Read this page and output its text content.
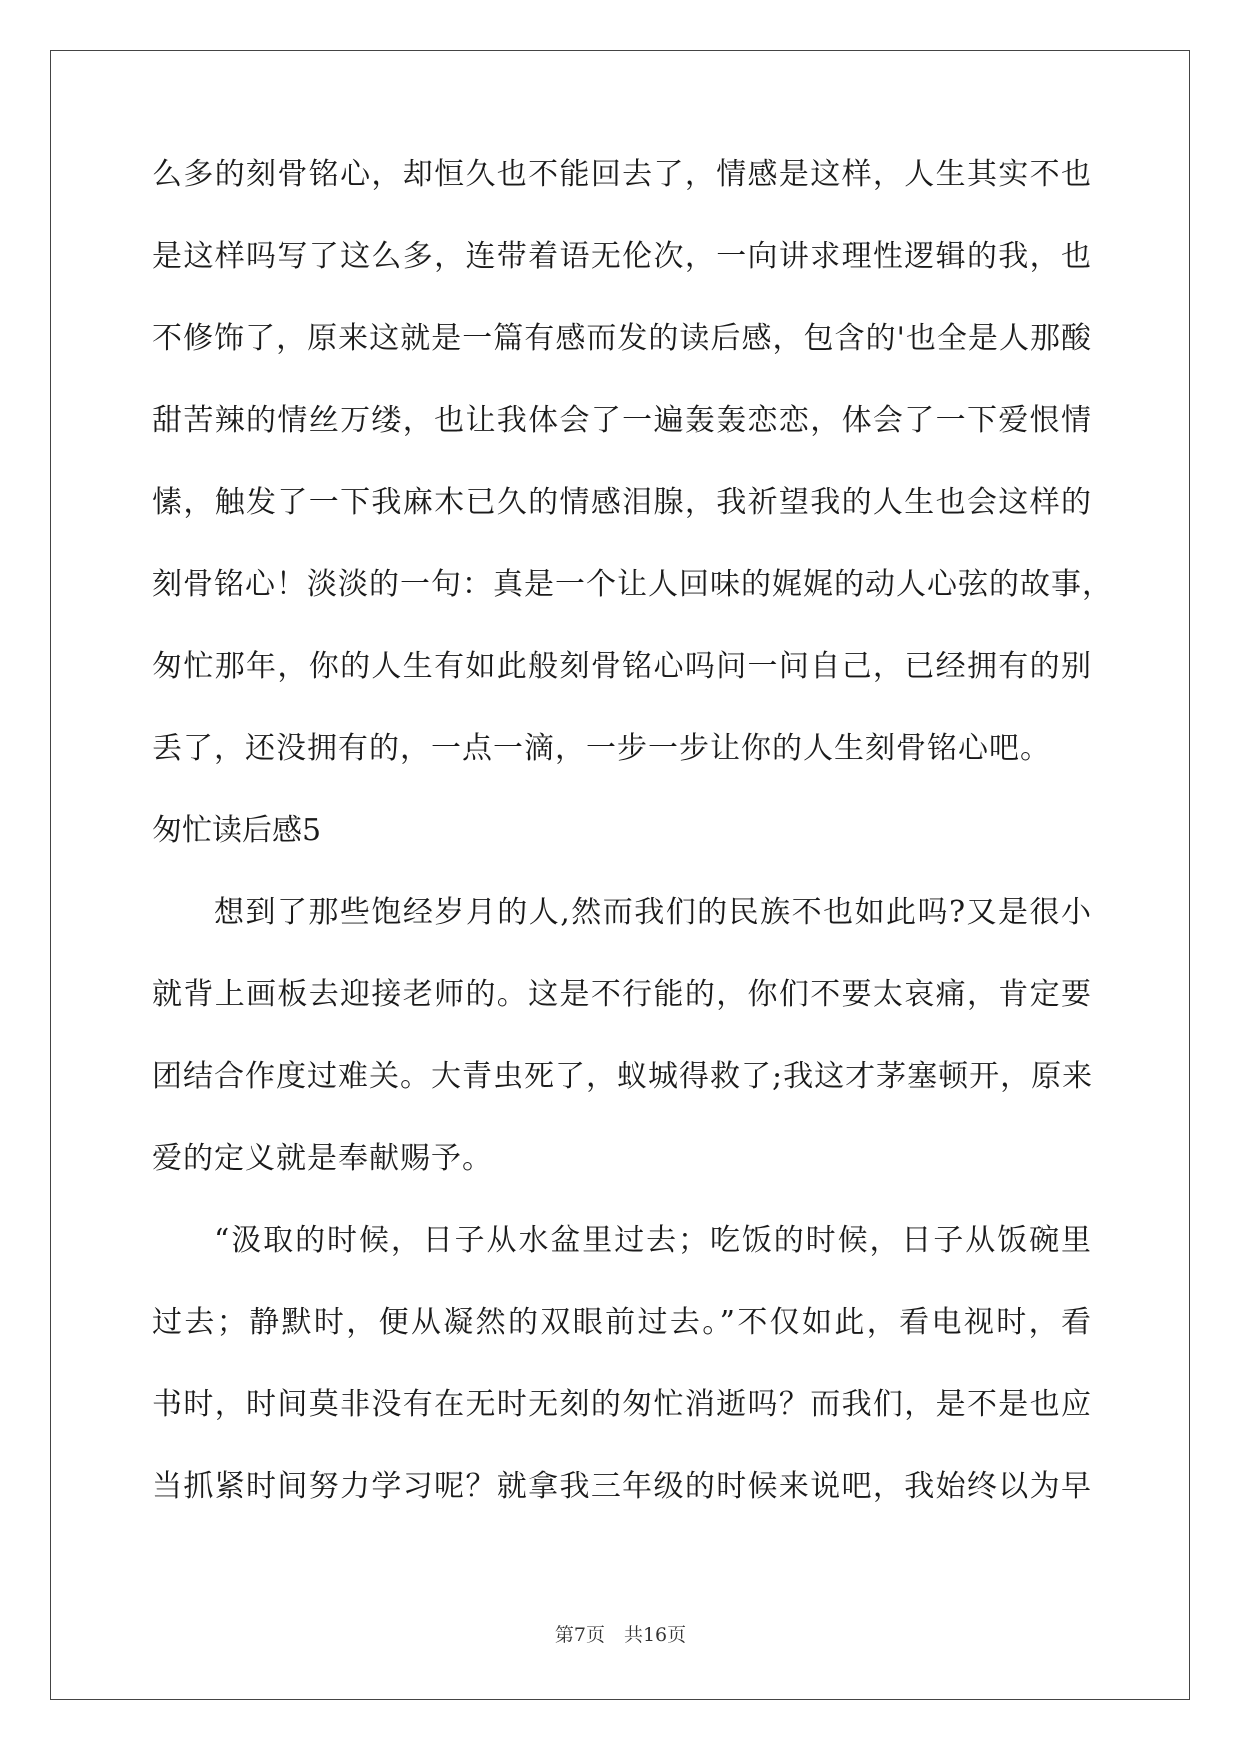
么多的刻骨铭心，却恒久也不能回去了，情感是这样，人生其实不也
是这样吗写了这么多，连带着语无伦次，一向讲求理性逻辑的我，也
不修饰了，原来这就是一篇有感而发的读后感，包含的'也全是人那酸
甜苦辣的情丝万缕，也让我体会了一遍轰轰恋恋，体会了一下爱恨情
愫，触发了一下我麻木已久的情感泪腺，我祈望我的人生也会这样的
刻骨铭心！淡淡的一句：真是一个让人回味的娓娓的动人心弦的故事，
匆忙那年，你的人生有如此般刻骨铭心吗问一问自己，已经拥有的别
丢了，还没拥有的，一点一滴，一步一步让你的人生刻骨铭心吧。
匆忙读后感5
想到了那些饱经岁月的人,然而我们的民族不也如此吗?又是很小
就背上画板去迎接老师的。这是不行能的，你们不要太哀痛，肯定要
团结合作度过难关。大青虫死了，蚁城得救了;我这才茅塞顿开，原来
爱的定义就是奉献赐予。
“汲取的时候，日子从水盆里过去；吃饭的时候，日子从饭碗里
过去；静默时，便从凝然的双眼前过去。”不仅如此，看电视时，看
书时，时间莫非没有在无时无刻的匆忙消逝吗？而我们，是不是也应
当抓紧时间努力学习呢？就拿我三年级的时候来说吧，我始终以为早
第7页　共16页
